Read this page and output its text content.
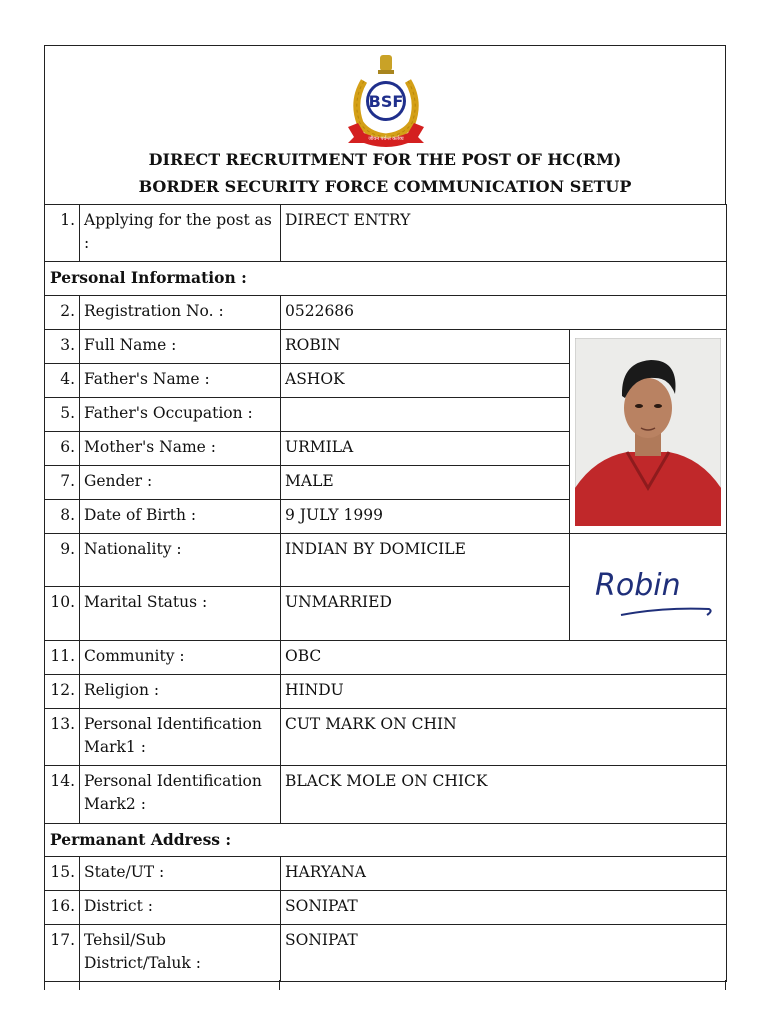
BSF
जीवन पर्यन्त कर्तव्य
DIRECT RECRUITMENT FOR THE POST OF HC(RM)
BORDER SECURITY FORCE COMMUNICATION SETUP
1.	Applying for the post as :	DIRECT ENTRY	
Personal Information :			
2.	Registration No. :	0522686	
3.	Full Name :	ROBIN	

4.	Father's Name :	ASHOK	
5.	Father's Occupation :		
6.	Mother's Name :	URMILA	
7.	Gender :	MALE	
8.	Date of Birth :	9 JULY 1999	
9.	Nationality :	INDIAN BY DOMICILE	Robin

10.	Marital Status :	UNMARRIED	
11.	Community :	OBC	
12.	Religion :	HINDU	
13.	Personal Identification Mark1 :	CUT MARK ON CHIN	
14.	Personal Identification Mark2 :	BLACK MOLE ON CHICK	
Permanant Address :			
15.	State/UT :	HARYANA	
16.	District :	SONIPAT	
17.	Tehsil/Sub District/Taluk :	SONIPAT	
